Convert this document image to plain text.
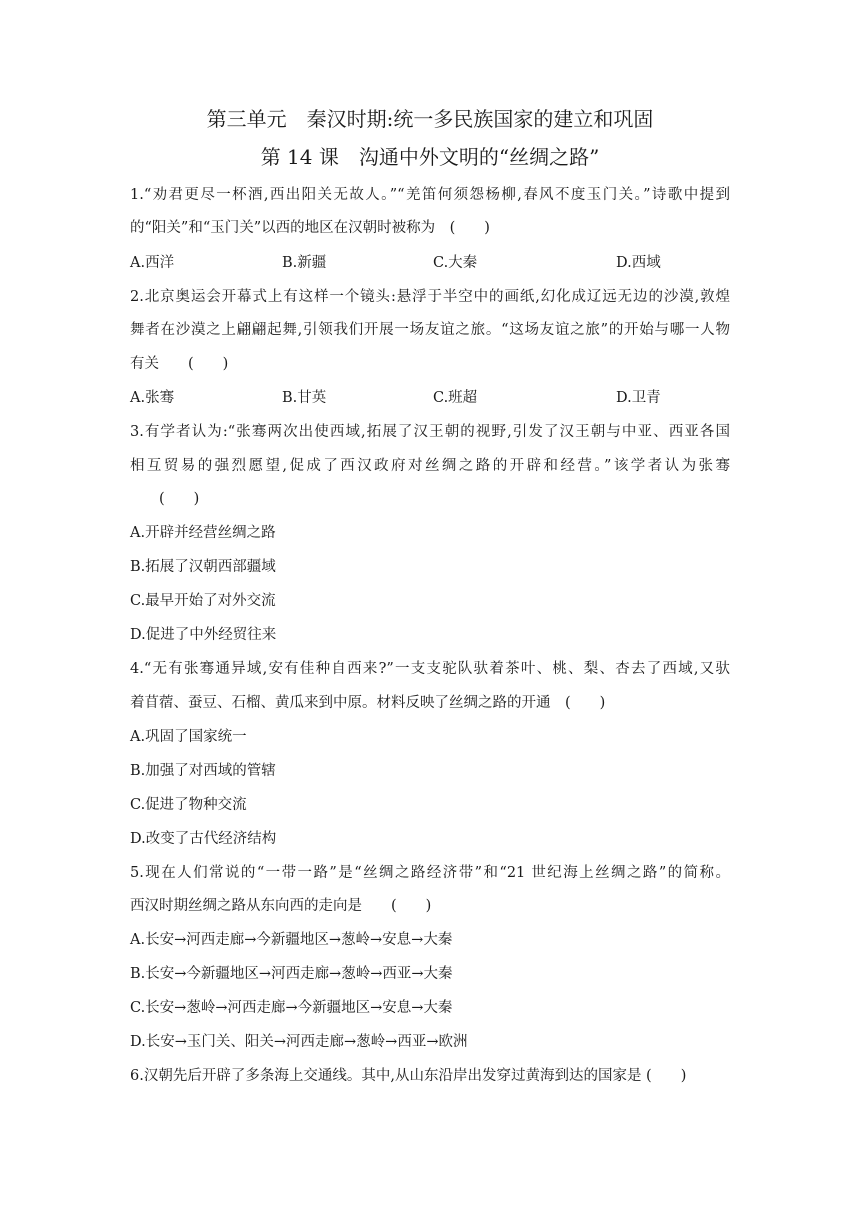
第三单元　秦汉时期:统一多民族国家的建立和巩固
第 14 课　沟通中外文明的“丝绸之路”
1.“劝君更尽一杯酒,西出阳关无故人。”“羌笛何须怨杨柳,春风不度玉门关。”诗歌中提到
的“阳关”和“玉门关”以西的地区在汉朝时被称为　(　　)
A.西洋	B.新疆	C.大秦	D.西域
2.北京奥运会开幕式上有这样一个镜头:悬浮于半空中的画纸,幻化成辽远无边的沙漠,敦煌
舞者在沙漠之上翩翩起舞,引领我们开展一场友谊之旅。“这场友谊之旅”的开始与哪一人物
有关　　(　　)
A.张骞	B.甘英	C.班超	D.卫青
3.有学者认为:“张骞两次出使西域,拓展了汉王朝的视野,引发了汉王朝与中亚、西亚各国
相互贸易的强烈愿望,促成了西汉政府对丝绸之路的开辟和经营。”该学者认为张骞
　　(　　)
A.开辟并经营丝绸之路
B.拓展了汉朝西部疆域
C.最早开始了对外交流
D.促进了中外经贸往来
4.“无有张骞通异域,安有佳种自西来?”一支支驼队驮着茶叶、桃、梨、杏去了西域,又驮
着苜蓿、蚕豆、石榴、黄瓜来到中原。材料反映了丝绸之路的开通　(　　)
A.巩固了国家统一
B.加强了对西域的管辖
C.促进了物种交流
D.改变了古代经济结构
5.现在人们常说的“一带一路”是“丝绸之路经济带”和“21 世纪海上丝绸之路”的简称。
西汉时期丝绸之路从东向西的走向是　　(　　)
A.长安→河西走廊→今新疆地区→葱岭→安息→大秦
B.长安→今新疆地区→河西走廊→葱岭→西亚→大秦
C.长安→葱岭→河西走廊→今新疆地区→安息→大秦
D.长安→玉门关、阳关→河西走廊→葱岭→西亚→欧洲
6.汉朝先后开辟了多条海上交通线。其中,从山东沿岸出发穿过黄海到达的国家是 (　　)
